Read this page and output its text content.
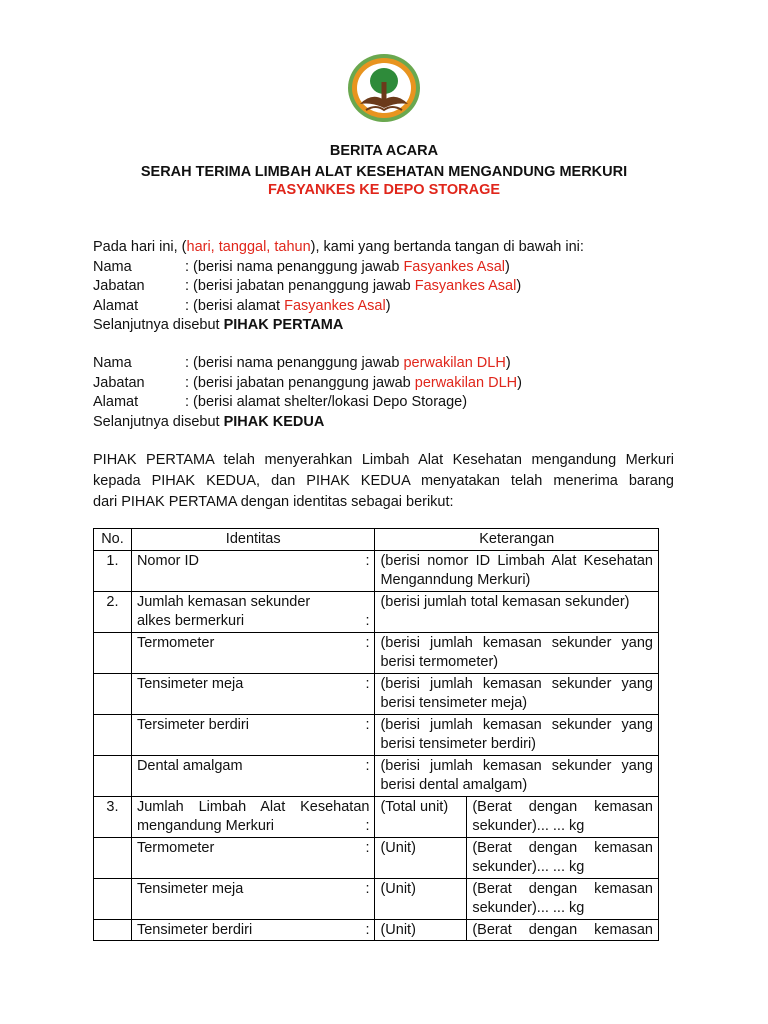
BERITA ACARA
SERAH TERIMA LIMBAH ALAT KESEHATAN MENGANDUNG MERKURI
FASYANKES KE DEPO STORAGE
Pada hari ini, (hari, tanggal, tahun), kami yang bertanda tangan di bawah ini:
Nama	: (berisi nama penanggung jawab Fasyankes Asal)
Jabatan	: (berisi jabatan penanggung jawab Fasyankes Asal)
Alamat	: (berisi alamat Fasyankes Asal)
Selanjutnya disebut PIHAK PERTAMA
Nama	: (berisi nama penanggung jawab perwakilan DLH)
Jabatan	: (berisi jabatan penanggung jawab perwakilan DLH)
Alamat	: (berisi alamat shelter/lokasi Depo Storage)
Selanjutnya disebut PIHAK KEDUA
PIHAK PERTAMA telah menyerahkan Limbah Alat Kesehatan mengandung Merkuri
kepada PIHAK KEDUA, dan PIHAK KEDUA menyatakan telah menerima barang
dari PIHAK PERTAMA dengan identitas sebagai berikut:
No.	Identitas	Keterangan	
1.	Nomor ID :	(berisi nomor ID Limbah Alat Kesehatan Menganndung Merkuri)	
2.	Jumlah kemasan sekunder
alkes bermerkuri :	(berisi jumlah total kemasan sekunder)	

	Termometer :	(berisi jumlah kemasan sekunder yang berisi termometer)	

	Tensimeter meja :	(berisi jumlah kemasan sekunder yang berisi tensimeter meja)	

	Tersimeter berdiri :	(berisi jumlah kemasan sekunder yang berisi tensimeter berdiri)	

	Dental amalgam :	(berisi jumlah kemasan sekunder yang berisi dental amalgam)	
3.	Jumlah Limbah Alat Kesehatan
mengandung Merkuri :	(Total unit)	(Berat dengan kemasan sekunder)... ... kg

	Termometer :	(Unit)	(Berat dengan kemasan sekunder)... ... kg

	Tensimeter meja :	(Unit)	(Berat dengan kemasan sekunder)... ... kg

	Tensimeter berdiri :	(Unit)	(Berat dengan kemasan
